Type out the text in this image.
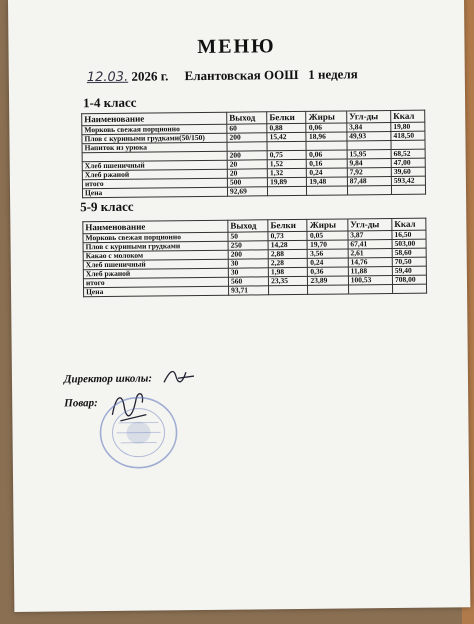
МЕНЮ
12.03. 2026 г. Елантовская ООШ 1 неделя
1-4 класс
Наименование	Выход	Белки	Жиры	Угл-ды	Ккал
Морковь свежая порционно	60	0,88	0,06	3,84	19,80
Плов с куриными грудками(50/150)	200	15,42	18,96	49,93	418,50
Напиток из урюка					
	200	0,75	0,06	15,95	68,52
Хлеб пшеничный	20	1,52	0,16	9,84	47,00
Хлеб ржаной	20	1,32	0,24	7,92	39,60
итого	500	19,89	19,48	87,48	593,42
Цена	92,69				
5-9 класс
Наименование	Выход	Белки	Жиры	Угл-ды	Ккал
Морковь свежая порционно	50	0,73	0,05	3,87	16,50
Плов с куриными грудками	250	14,28	19,70	67,41	503,00
Какао с молоком	200	2,88	3,56	2,61	58,60
Хлеб пшеничный	30	2,28	0,24	14,76	70,50
Хлеб ржаной	30	1,98	0,36	11,88	59,40
итого	560	23,35	23,89	100,53	708,00
Цена	93,71				
Директор школы:
Повар:
